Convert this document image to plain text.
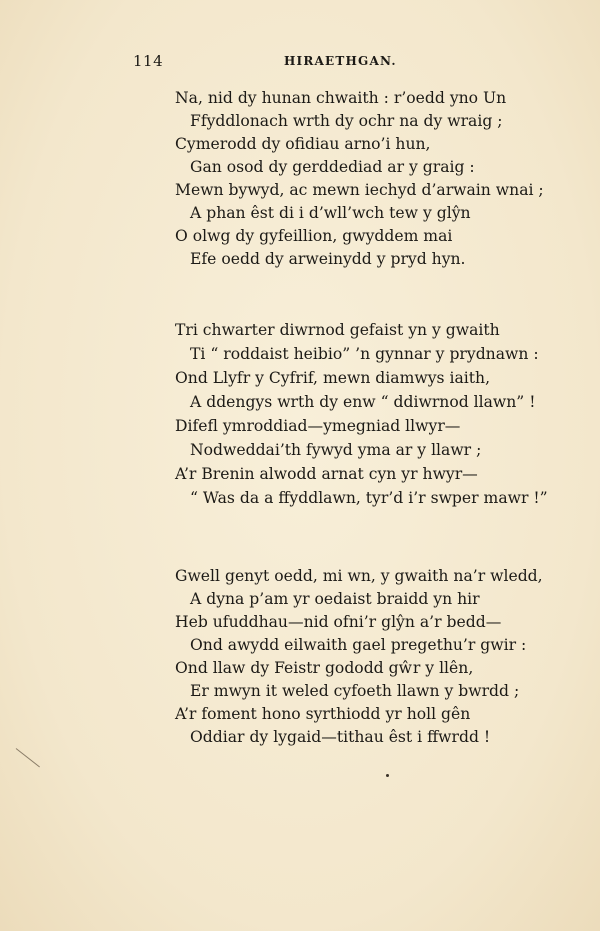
114	HIRAETHGAN.
Na, nid dy hunan chwaith : r’oedd yno Un
Ffyddlonach wrth dy ochr na dy wraig ;
Cymerodd dy ofidiau arno’i hun,
Gan osod dy gerddediad ar y graig :
Mewn bywyd, ac mewn iechyd d’arwain wnai ;
A phan êst di i d’wll’wch tew y glŷn
O olwg dy gyfeillion, gwyddem mai
Efe oedd dy arweinydd y pryd hyn.
Tri chwarter diwrnod gefaist yn y gwaith
Ti “ roddaist heibio” ’n gynnar y prydnawn :
Ond Llyfr y Cyfrif, mewn diamwys iaith,
A ddengys wrth dy enw “ ddiwrnod llawn” !
Difefl ymroddiad—ymegniad llwyr—
Nodweddai’th fywyd yma ar y llawr ;
A’r Brenin alwodd arnat cyn yr hwyr—
“ Was da a ffyddlawn, tyr’d i’r swper mawr !”
Gwell genyt oedd, mi wn, y gwaith na’r wledd,
A dyna p’am yr oedaist braidd yn hir
Heb ufuddhau—nid ofni’r glŷn a’r bedd—
Ond awydd eilwaith gael pregethu’r gwir :
Ond llaw dy Feistr gododd gŵr y llên,
Er mwyn it weled cyfoeth llawn y bwrdd ;
A’r foment hono syrthiodd yr holl gên
Oddiar dy lygaid—tithau êst i ffwrdd !
